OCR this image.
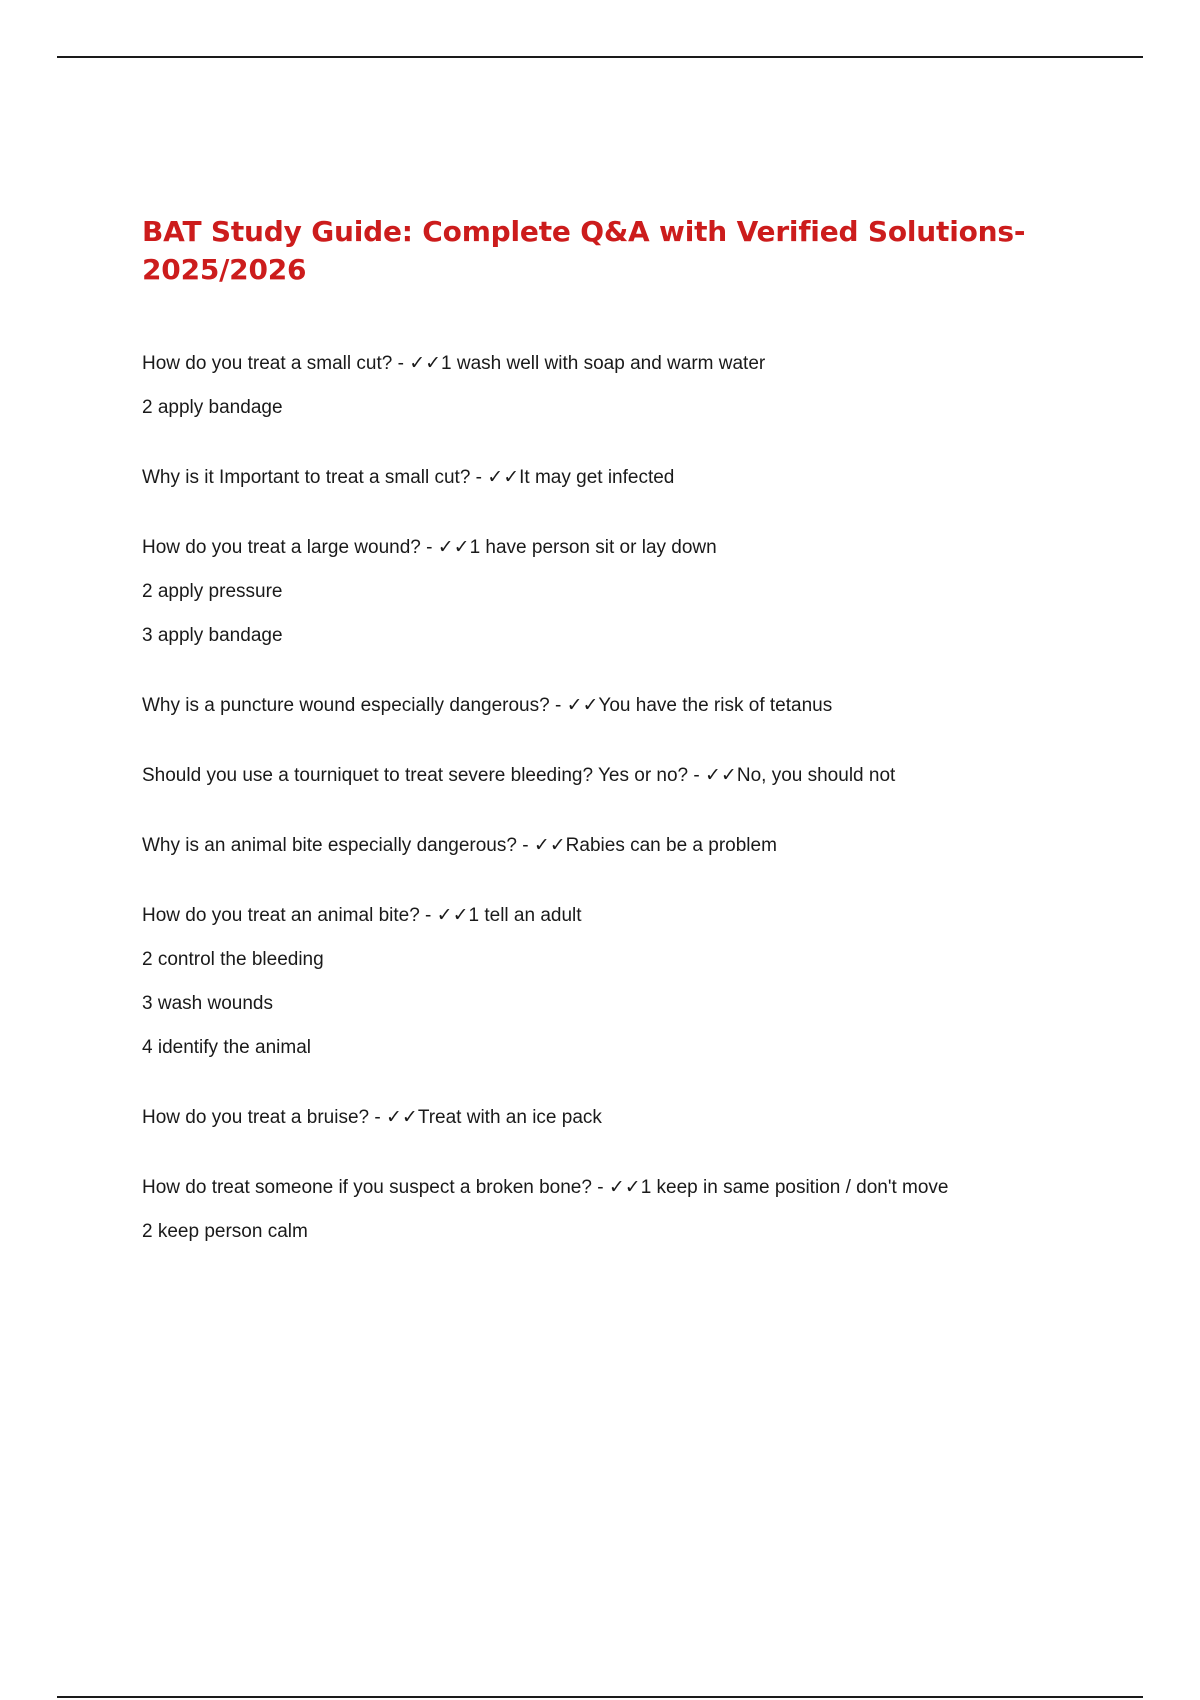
BAT Study Guide: Complete Q&A with Verified Solutions-
2025/2026

How do you treat a small cut? - ✓✓1 wash well with soap and warm water

2 apply bandage

Why is it Important to treat a small cut? - ✓✓It may get infected

How do you treat a large wound? - ✓✓1 have person sit or lay down

2 apply pressure

3 apply bandage

Why is a puncture wound especially dangerous? - ✓✓You have the risk of tetanus

Should you use a tourniquet to treat severe bleeding? Yes or no? - ✓✓No, you should not

Why is an animal bite especially dangerous? - ✓✓Rabies can be a problem

How do you treat an animal bite? - ✓✓1 tell an adult

2 control the bleeding

3 wash wounds

4 identify the animal

How do you treat a bruise? - ✓✓Treat with an ice pack

How do treat someone if you suspect a broken bone? - ✓✓1 keep in same position / don't move

2 keep person calm
